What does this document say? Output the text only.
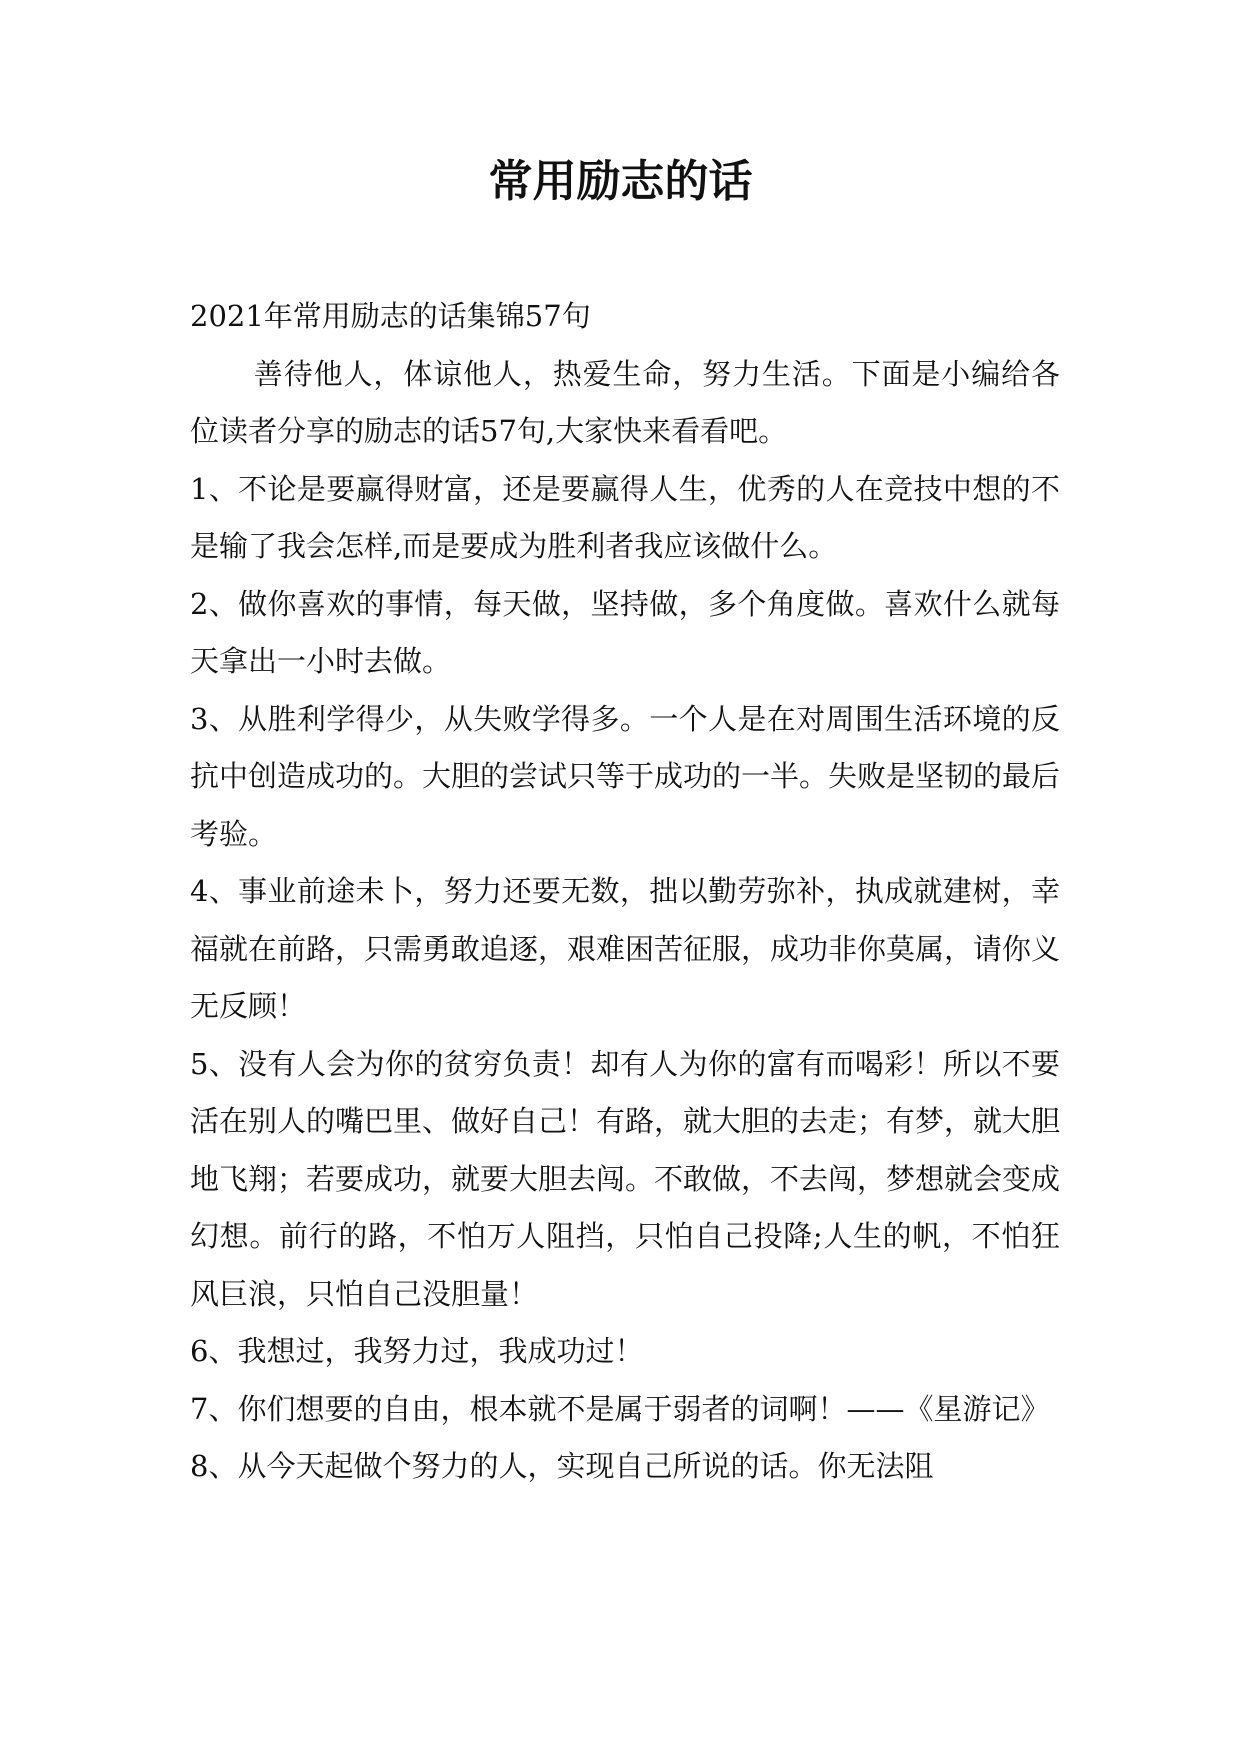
常用励志的话

2021年常用励志的话集锦57句

善待他人，体谅他人，热爱生命，努力生活。下面是小编给各位读者分享的励志的话57句,大家快来看看吧。

1、不论是要赢得财富，还是要赢得人生，优秀的人在竞技中想的不是输了我会怎样,而是要成为胜利者我应该做什么。

2、做你喜欢的事情，每天做，坚持做，多个角度做。喜欢什么就每天拿出一小时去做。

3、从胜利学得少，从失败学得多。一个人是在对周围生活环境的反抗中创造成功的。大胆的尝试只等于成功的一半。失败是坚韧的最后考验。

4、事业前途未卜，努力还要无数，拙以勤劳弥补，执成就建树，幸福就在前路，只需勇敢追逐，艰难困苦征服，成功非你莫属，请你义无反顾！

5、没有人会为你的贫穷负责！却有人为你的富有而喝彩！所以不要活在别人的嘴巴里、做好自己！有路，就大胆的去走；有梦，就大胆地飞翔；若要成功，就要大胆去闯。不敢做，不去闯，梦想就会变成幻想。前行的路，不怕万人阻挡，只怕自己投降;人生的帆，不怕狂风巨浪，只怕自己没胆量！

6、我想过，我努力过，我成功过！

7、你们想要的自由，根本就不是属于弱者的词啊！——《星游记》

8、从今天起做个努力的人，实现自己所说的话。你无法阻
